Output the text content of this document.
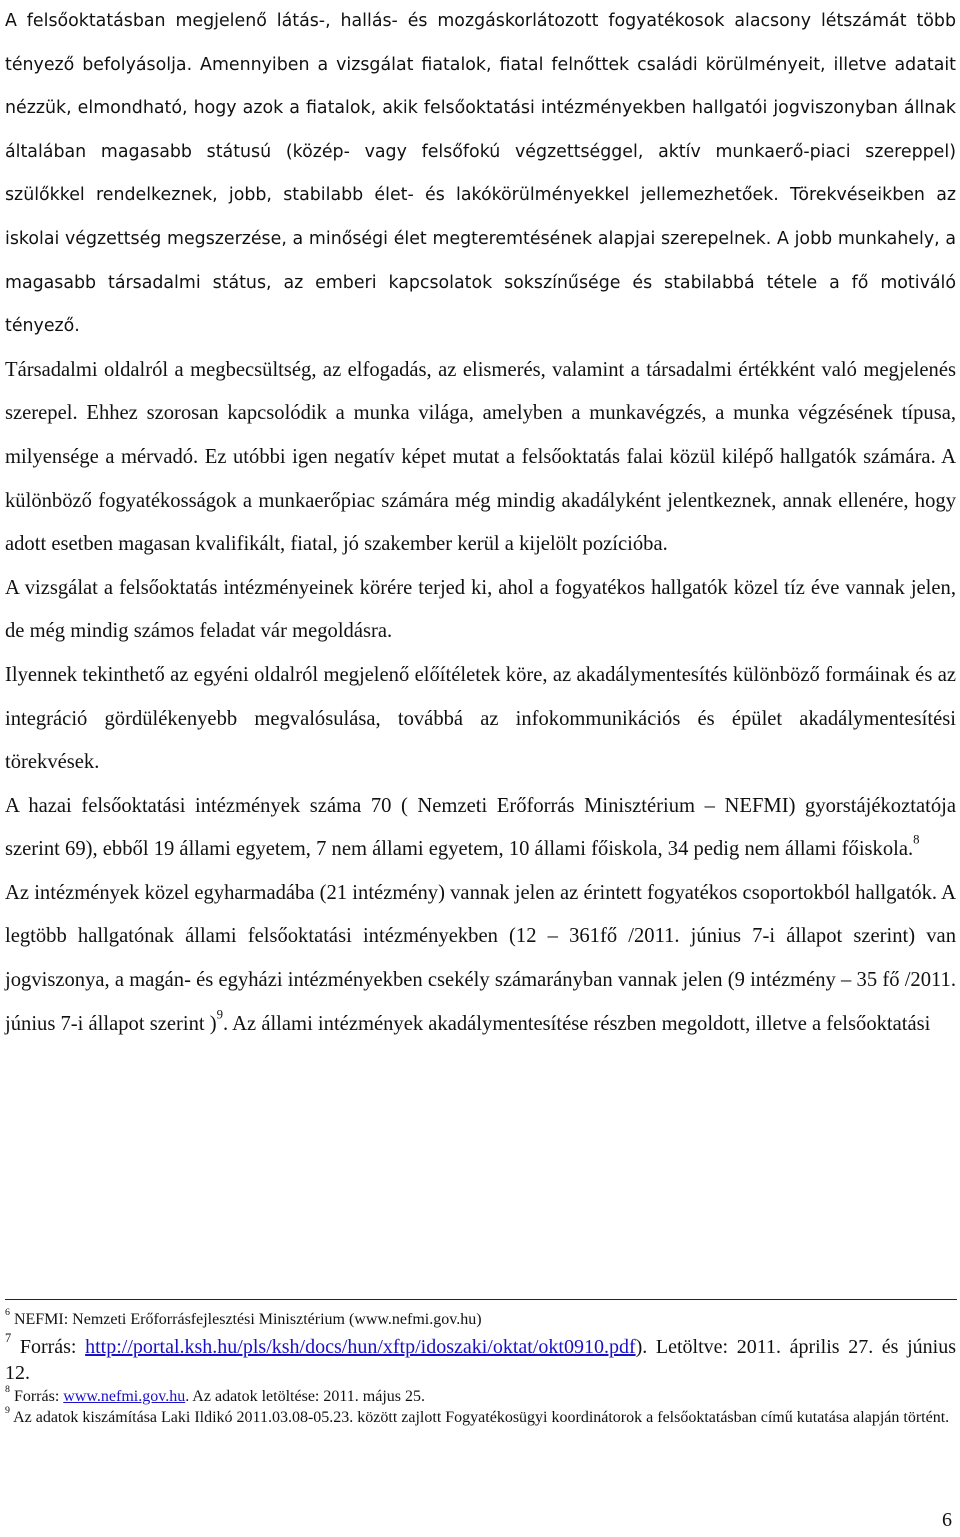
A felsőoktatásban megjelenő látás-, hallás- és mozgáskorlátozott fogyatékosok alacsony létszámát több tényező befolyásolja. Amennyiben a vizsgálat fiatalok, fiatal felnőttek családi körülményeit, illetve adatait nézzük, elmondható, hogy azok a fiatalok, akik felsőoktatási intézményekben hallgatói jogviszonyban állnak általában magasabb státusú (közép- vagy felsőfokú végzettséggel, aktív munkaerő-piaci szereppel) szülőkkel rendelkeznek, jobb, stabilabb élet- és lakókörülményekkel jellemezhetőek. Törekvéseikben az iskolai végzettség megszerzése, a minőségi élet megteremtésének alapjai szerepelnek. A jobb munkahely, a magasabb társadalmi státus, az emberi kapcsolatok sokszínűsége és stabilabbá tétele a fő motiváló tényező.

Társadalmi oldalról a megbecsültség, az elfogadás, az elismerés, valamint a társadalmi értékként való megjelenés szerepel. Ehhez szorosan kapcsolódik a munka világa, amelyben a munkavégzés, a munka végzésének típusa, milyensége a mérvadó. Ez utóbbi igen negatív képet mutat a felsőoktatás falai közül kilépő hallgatók számára. A különböző fogyatékosságok a munkaerőpiac számára még mindig akadályként jelentkeznek, annak ellenére, hogy adott esetben magasan kvalifikált, fiatal, jó szakember kerül a kijelölt pozícióba.

A vizsgálat a felsőoktatás intézményeinek körére terjed ki, ahol a fogyatékos hallgatók közel tíz éve vannak jelen, de még mindig számos feladat vár megoldásra.

Ilyennek tekinthető az egyéni oldalról megjelenő előítéletek köre, az akadálymentesítés különböző formáinak és az integráció gördülékenyebb megvalósulása, továbbá az infokommunikációs és épület akadálymentesítési törekvések.

A hazai felsőoktatási intézmények száma 70 ( Nemzeti Erőforrás Minisztérium – NEFMI) gyorstájékoztatója szerint 69), ebből 19 állami egyetem, 7 nem állami egyetem, 10 állami főiskola, 34 pedig nem állami főiskola.$^8$

Az intézmények közel egyharmadába (21 intézmény) vannak jelen az érintett fogyatékos csoportokból hallgatók. A legtöbb hallgatónak állami felsőoktatási intézményekben (12 – 361fő /2011. június 7-i állapot szerint) van jogviszonya, a magán- és egyházi intézményekben csekély számarányban vannak jelen (9 intézmény – 35 fő /2011. június 7-i állapot szerint )$^9$. Az állami intézmények akadálymentesítése részben megoldott, illetve a felsőoktatási

$^6$ NEFMI: Nemzeti Erőforrásfejlesztési Minisztérium (www.nefmi.gov.hu)

$^7$ Forrás: http://portal.ksh.hu/pls/ksh/docs/hun/xftp/idoszaki/oktat/okt0910.pdf). Letöltve: 2011. április 27. és június 12.

$^8$ Forrás: www.nefmi.gov.hu. Az adatok letöltése: 2011. május 25.

$^9$ Az adatok kiszámítása Laki Ildikó 2011.03.08-05.23. között zajlott Fogyatékosügyi koordinátorok a felsőoktatásban című kutatása alapján történt.

6
